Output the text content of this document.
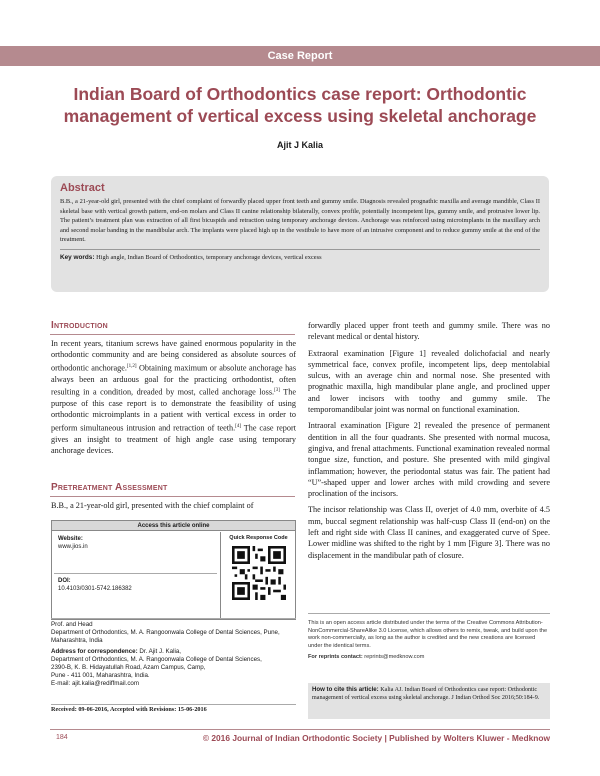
Case Report
Indian Board of Orthodontics case report: Orthodontic
management of vertical excess using skeletal anchorage
Ajit J Kalia
Abstract
B.B., a 21-year-old girl, presented with the chief complaint of forwardly placed upper front teeth and gummy smile. Diagnosis revealed prognathic maxilla and average mandible, Class II skeletal base with vertical growth pattern, end-on molars and Class II canine relationship bilaterally, convex profile, potentially incompetent lips, gummy smile, and protrusive lower lip. The patient’s treatment plan was extraction of all first bicuspids and retraction using temporary anchorage devices. Anchorage was reinforced using microimplants in the maxillary arch and second molar banding in the mandibular arch. The implants were placed high up in the vestibule to have more of an intrusive component and to reduce gummy smile at the end of the treatment.
Key words: High angle, Indian Board of Orthodontics, temporary anchorage devices, vertical excess
Introduction
In recent years, titanium screws have gained enormous popularity in the orthodontic community and are being considered as absolute sources of orthodontic anchorage.[1,2] Obtaining maximum or absolute anchorage has always been an arduous goal for the practicing orthodontist, often resulting in a condition, dreaded by most, called anchorage loss.[3] The purpose of this case report is to demonstrate the feasibility of using orthodontic microimplants in a patient with vertical excess in order to perform simultaneous intrusion and retraction of teeth.[4] The case report gives an insight to treatment of high angle case using temporary anchorage devices.
Pretreatment Assessment
B.B., a 21-year-old girl, presented with the chief complaint of
Access this article online
Website:
www.jios.in
DOI:
10.4103/0301-5742.186382
Quick Response Code
Prof. and Head
Department of Orthodontics, M. A. Rangoonwala College of Dental Sciences, Pune, Maharashtra, India
Address for correspondence: Dr. Ajit J. Kalia,
Department of Orthodontics, M. A. Rangoonwala College of Dental Sciences,
2390-B, K. B. Hidayatullah Road, Azam Campus, Camp,
Pune - 411 001, Maharashtra, India.
E-mail: ajit.kalia@rediffmail.com
Received: 09-06-2016, Accepted with Revisions: 15-06-2016

forwardly placed upper front teeth and gummy smile. There was no relevant medical or dental history.

Extraoral examination [Figure 1] revealed dolichofacial and nearly symmetrical face, convex profile, incompetent lips, deep mentolabial sulcus, with an average chin and normal nose. She presented with prognathic maxilla, high mandibular plane angle, and proclined upper and lower incisors with toothy and gummy smile. The temporomandibular joint was normal on functional examination.

Intraoral examination [Figure 2] revealed the presence of permanent dentition in all the four quadrants. She presented with normal mucosa, gingiva, and frenal attachments. Functional examination revealed normal tongue size, function, and posture. She presented with mild gingival inflammation; however, the periodontal status was fair. The patient had “U”-shaped upper and lower arches with mild crowding and severe proclination of the incisors.

The incisor relationship was Class II, overjet of 4.0 mm, overbite of 4.5 mm, buccal segment relationship was half-cusp Class II (end-on) on the left and right side with Class II canines, and exaggerated curve of Spee. Lower midline was shifted to the right by 1 mm [Figure 3]. There was no displacement in the mandibular path of closure.

This is an open access article distributed under the terms of the Creative Commons Attribution-NonCommercial-ShareAlike 3.0 License, which allows others to remix, tweak, and build upon the work non-commercially, as long as the author is credited and the new creations are licensed under the identical terms.
For reprints contact: reprints@medknow.com
How to cite this article: Kalia AJ. Indian Board of Orthodontics case report: Orthodontic management of vertical excess using skeletal anchorage. J Indian Orthod Soc 2016;50:184-9.
184	© 2016 Journal of Indian Orthodontic Society | Published by Wolters Kluwer - Medknow
